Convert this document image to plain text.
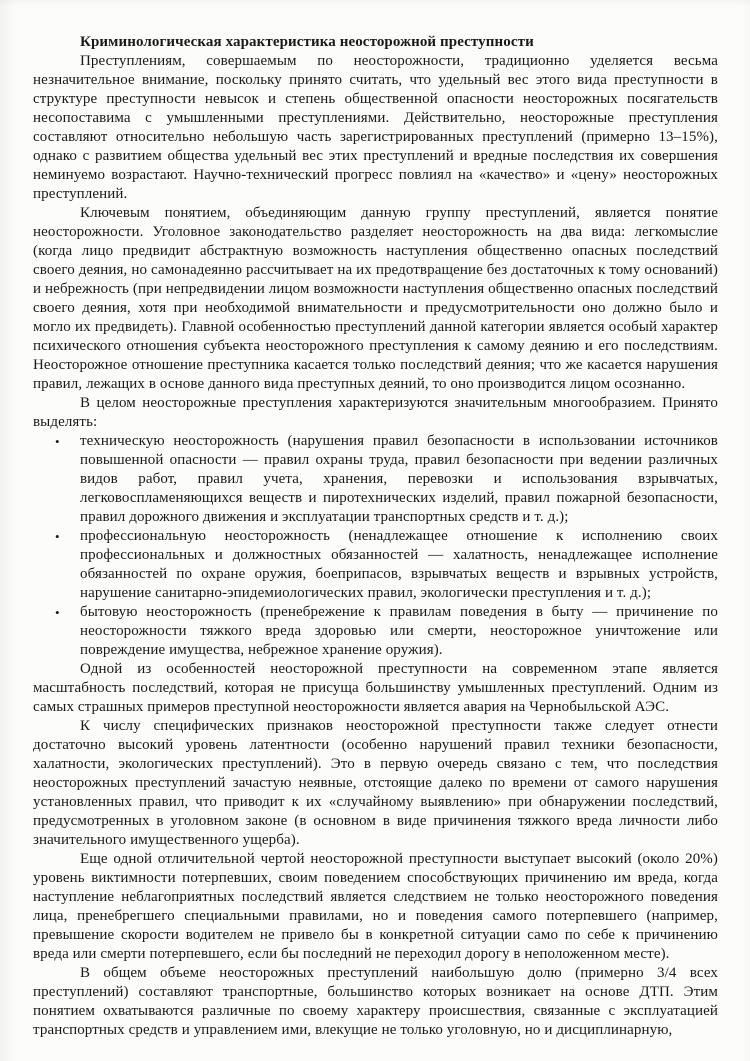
Криминологическая характеристика неосторожной преступности

Преступлениям, совершаемым по неосторожности, традиционно уделяется весьма незначительное внимание, поскольку принято считать, что удельный вес этого вида преступности в структуре преступности невысок и степень общественной опасности неосторожных посягательств несопоставима с умышленными преступлениями. Действительно, неосторожные преступления составляют относительно небольшую часть зарегистрированных преступлений (примерно 13–15%), однако с развитием общества удельный вес этих преступлений и вредные последствия их совершения неминуемо возрастают. Научно-технический прогресс повлиял на «качество» и «цену» неосторожных преступлений.

Ключевым понятием, объединяющим данную группу преступлений, является понятие неосторожности. Уголовное законодательство разделяет неосторожность на два вида: легкомыслие (когда лицо предвидит абстрактную возможность наступления общественно опасных последствий своего деяния, но самонадеянно рассчитывает на их предотвращение без достаточных к тому оснований) и небрежность (при непредвидении лицом возможности наступления общественно опасных последствий своего деяния, хотя при необходимой внимательности и предусмотрительности оно должно было и могло их предвидеть). Главной особенностью преступлений данной категории является особый характер психического отношения субъекта неосторожного преступления к самому деянию и его последствиям. Неосторожное отношение преступника касается только последствий деяния; что же касается нарушения правил, лежащих в основе данного вида преступных деяний, то оно производится лицом осознанно.

В целом неосторожные преступления характеризуются значительным многообразием. Принято выделять:

•	техническую неосторожность (нарушения правил безопасности в использовании источников повышенной опасности — правил охраны труда, правил безопасности при ведении различных видов работ, правил учета, хранения, перевозки и использования взрывчатых, легковоспламеняющихся веществ и пиротехнических изделий, правил пожарной безопасности, правил дорожного движения и эксплуатации транспортных средств и т. д.);
•	профессиональную неосторожность (ненадлежащее отношение к исполнению своих профессиональных и должностных обязанностей — халатность, ненадлежащее исполнение обязанностей по охране оружия, боеприпасов, взрывчатых веществ и взрывных устройств, нарушение санитарно-эпидемиологических правил, экологически преступления и т. д.);
•	бытовую неосторожность (пренебрежение к правилам поведения в быту — причинение по неосторожности тяжкого вреда здоровью или смерти, неосторожное уничтожение или повреждение имущества, небрежное хранение оружия).

Одной из особенностей неосторожной преступности на современном этапе является масштабность последствий, которая не присуща большинству умышленных преступлений. Одним из самых страшных примеров преступной неосторожности является авария на Чернобыльской АЭС.

К числу специфических признаков неосторожной преступности также следует отнести достаточно высокий уровень латентности (особенно нарушений правил техники безопасности, халатности, экологических преступлений). Это в первую очередь связано с тем, что последствия неосторожных преступлений зачастую неявные, отстоящие далеко по времени от самого нарушения установленных правил, что приводит к их «случайному выявлению» при обнаружении последствий, предусмотренных в уголовном законе (в основном в виде причинения тяжкого вреда личности либо значительного имущественного ущерба).

Еще одной отличительной чертой неосторожной преступности выступает высокий (около 20%) уровень виктимности потерпевших, своим поведением способствующих причинению им вреда, когда наступление неблагоприятных последствий является следствием не только неосторожного поведения лица, пренебрегшего специальными правилами, но и поведения самого потерпевшего (например, превышение скорости водителем не привело бы в конкретной ситуации само по себе к причинению вреда или смерти потерпевшего, если бы последний не переходил дорогу в неположенном месте).

В общем объеме неосторожных преступлений наибольшую долю (примерно 3/4 всех преступлений) составляют транспортные, большинство которых возникает на основе ДТП. Этим понятием охватываются различные по своему характеру происшествия, связанные с эксплуатацией транспортных средств и управлением ими, влекущие не только уголовную, но и дисциплинарную,
